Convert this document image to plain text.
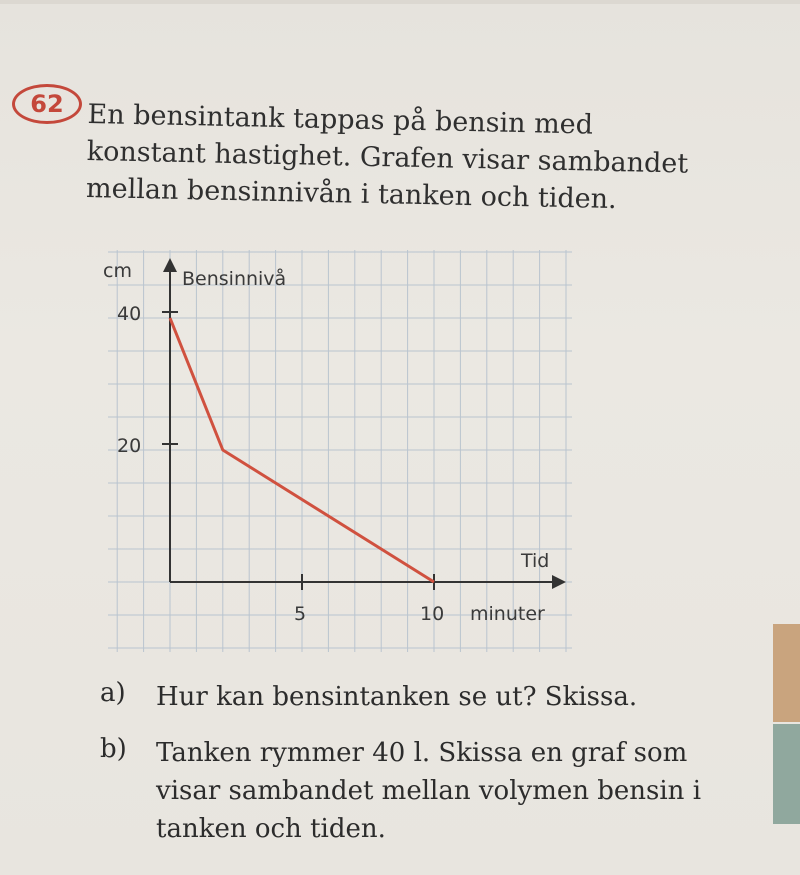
62 En bensintank tappas på bensin med
konstant hastighet. Grafen visar sambandet
mellan bensinnivån i tanken och tiden.
cm	Bensinnivå
40
20
5	10 minuter
Tid
a) Hur kan bensintanken se ut? Skissa.
b) Tanken rymmer 40 l. Skissa en graf som
visar sambandet mellan volymen bensin i
tanken och tiden.
